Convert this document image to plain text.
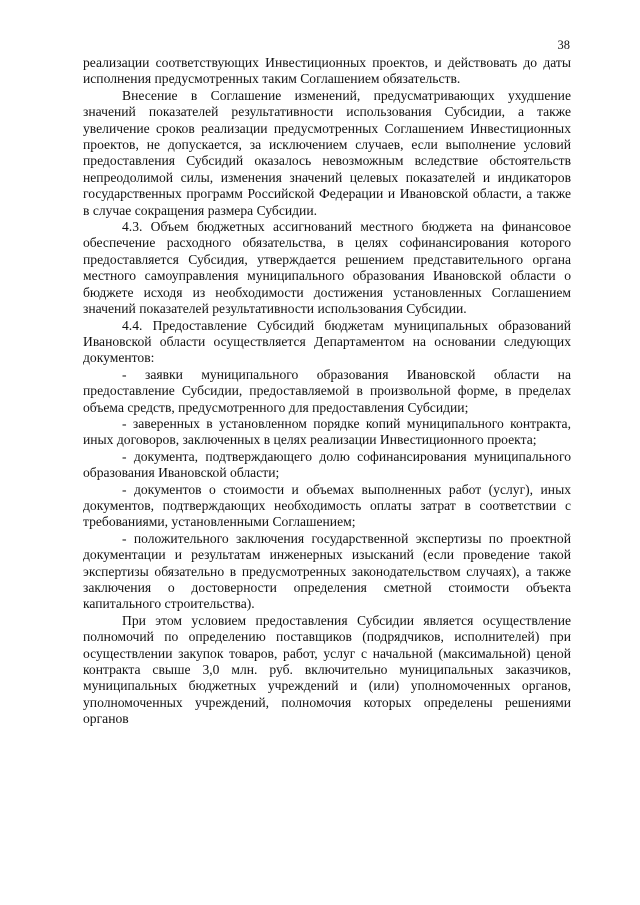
38

реализации соответствующих Инвестиционных проектов, и действовать до даты исполнения предусмотренных таким Соглашением обязательств.

Внесение в Соглашение изменений, предусматривающих ухудшение значений показателей результативности использования Субсидии, а также увеличение сроков реализации предусмотренных Соглашением Инвестиционных проектов, не допускается, за исключением случаев, если выполнение условий предоставления Субсидий оказалось невозможным вследствие обстоятельств непреодолимой силы, изменения значений целевых показателей и индикаторов государственных программ Российской Федерации и Ивановской области, а также в случае сокращения размера Субсидии.

4.3. Объем бюджетных ассигнований местного бюджета на финансовое обеспечение расходного обязательства, в целях софинансирования которого предоставляется Субсидия, утверждается решением представительного органа местного самоуправления муниципального образования Ивановской области о бюджете исходя из необходимости достижения установленных Соглашением значений показателей результативности использования Субсидии.

4.4. Предоставление Субсидий бюджетам муниципальных образований Ивановской области осуществляется Департаментом на основании следующих документов:

- заявки муниципального образования Ивановской области на предоставление Субсидии, предоставляемой в произвольной форме, в пределах объема средств, предусмотренного для предоставления Субсидии;

- заверенных в установленном порядке копий муниципального контракта, иных договоров, заключенных в целях реализации Инвестиционного проекта;

- документа, подтверждающего долю софинансирования муниципального образования Ивановской области;

- документов о стоимости и объемах выполненных работ (услуг), иных документов, подтверждающих необходимость оплаты затрат в соответствии с требованиями, установленными Соглашением;

- положительного заключения государственной экспертизы по проектной документации и результатам инженерных изысканий (если проведение такой экспертизы обязательно в предусмотренных законодательством случаях), а также заключения о достоверности определения сметной стоимости объекта капитального строительства).

При этом условием предоставления Субсидии является осуществление полномочий по определению поставщиков (подрядчиков, исполнителей) при осуществлении закупок товаров, работ, услуг с начальной (максимальной) ценой контракта свыше 3,0 млн. руб. включительно муниципальных заказчиков, муниципальных бюджетных учреждений и (или) уполномоченных органов, уполномоченных учреждений, полномочия которых определены решениями органов
